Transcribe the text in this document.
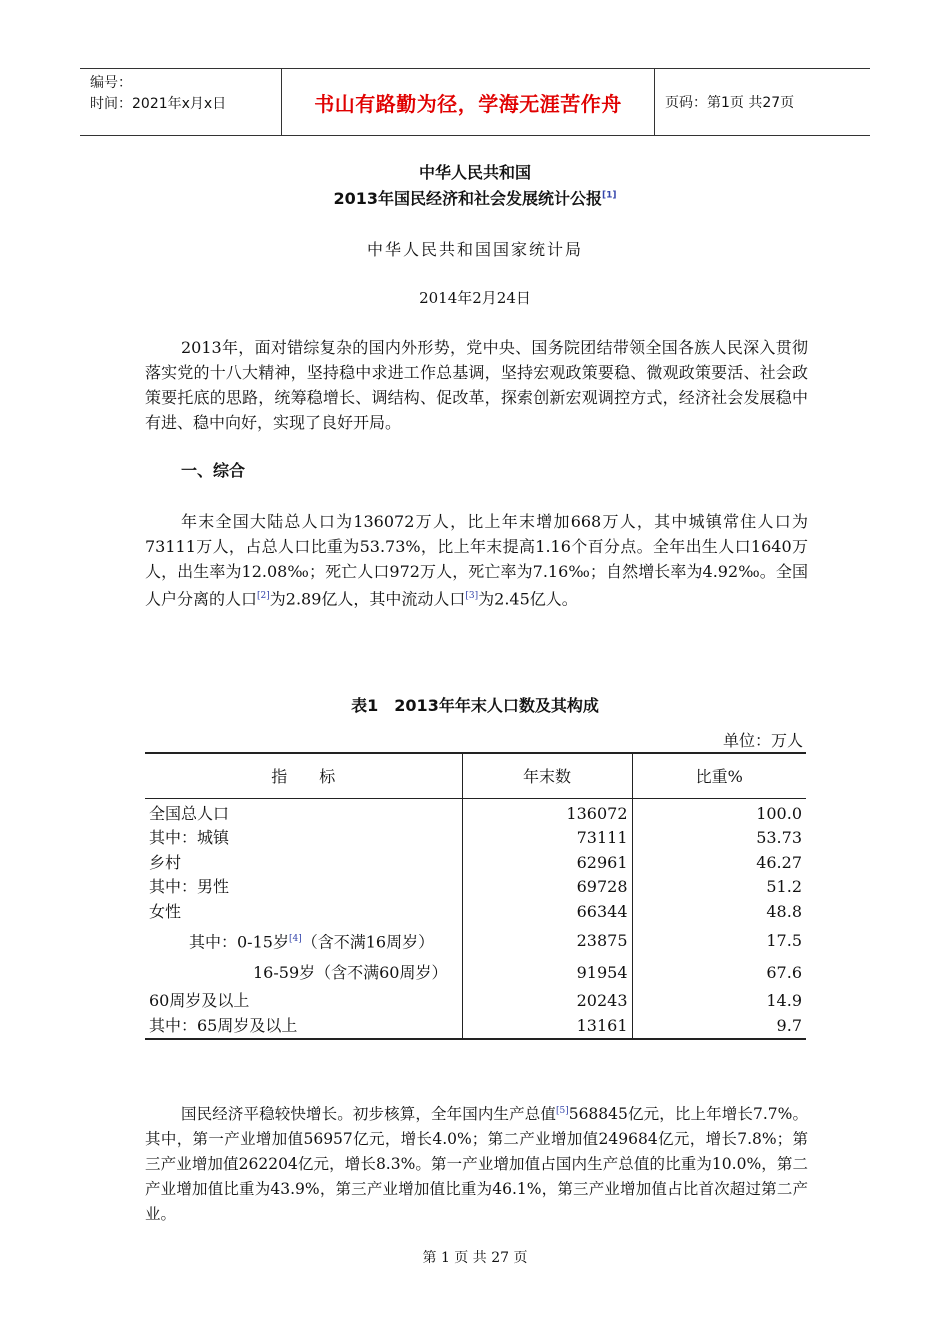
编号：
时间：2021年x月x日	书山有路勤为径，学海无涯苦作舟	页码：第1页 共27页
中华人民共和国
2013年国民经济和社会发展统计公报[1]
中华人民共和国国家统计局
2014年2月24日

2013年，面对错综复杂的国内外形势，党中央、国务院团结带领全国各族人民深入贯彻落实党的十八大精神，坚持稳中求进工作总基调，坚持宏观政策要稳、微观政策要活、社会政策要托底的思路，统筹稳增长、调结构、促改革，探索创新宏观调控方式，经济社会发展稳中有进、稳中向好，实现了良好开局。

一、综合

年末全国大陆总人口为136072万人，比上年末增加668万人，其中城镇常住人口为73111万人，占总人口比重为53.73%，比上年末提高1.16个百分点。全年出生人口1640万人，出生率为12.08‰；死亡人口972万人，死亡率为7.16‰；自然增长率为4.92‰。全国人户分离的人口[2]为2.89亿人，其中流动人口[3]为2.45亿人。

表1　2013年年末人口数及其构成
单位：万人
指　　标	年末数	比重%
全国总人口	136072	100.0
其中：城镇	73111	53.73
乡村	62961	46.27
其中：男性	69728	51.2
女性	66344	48.8
其中：0-15岁[4]（含不满16周岁）	23875	17.5
16-59岁（含不满60周岁）	91954	67.6
60周岁及以上	20243	14.9
其中：65周岁及以上	13161	9.7

国民经济平稳较快增长。初步核算，全年国内生产总值[5]568845亿元，比上年增长7.7%。其中，第一产业增加值56957亿元，增长4.0%；第二产业增加值249684亿元，增长7.8%；第三产业增加值262204亿元，增长8.3%。第一产业增加值占国内生产总值的比重为10.0%，第二产业增加值比重为43.9%，第三产业增加值比重为46.1%，第三产业增加值占比首次超过第二产业。

第 1 页 共 27 页
